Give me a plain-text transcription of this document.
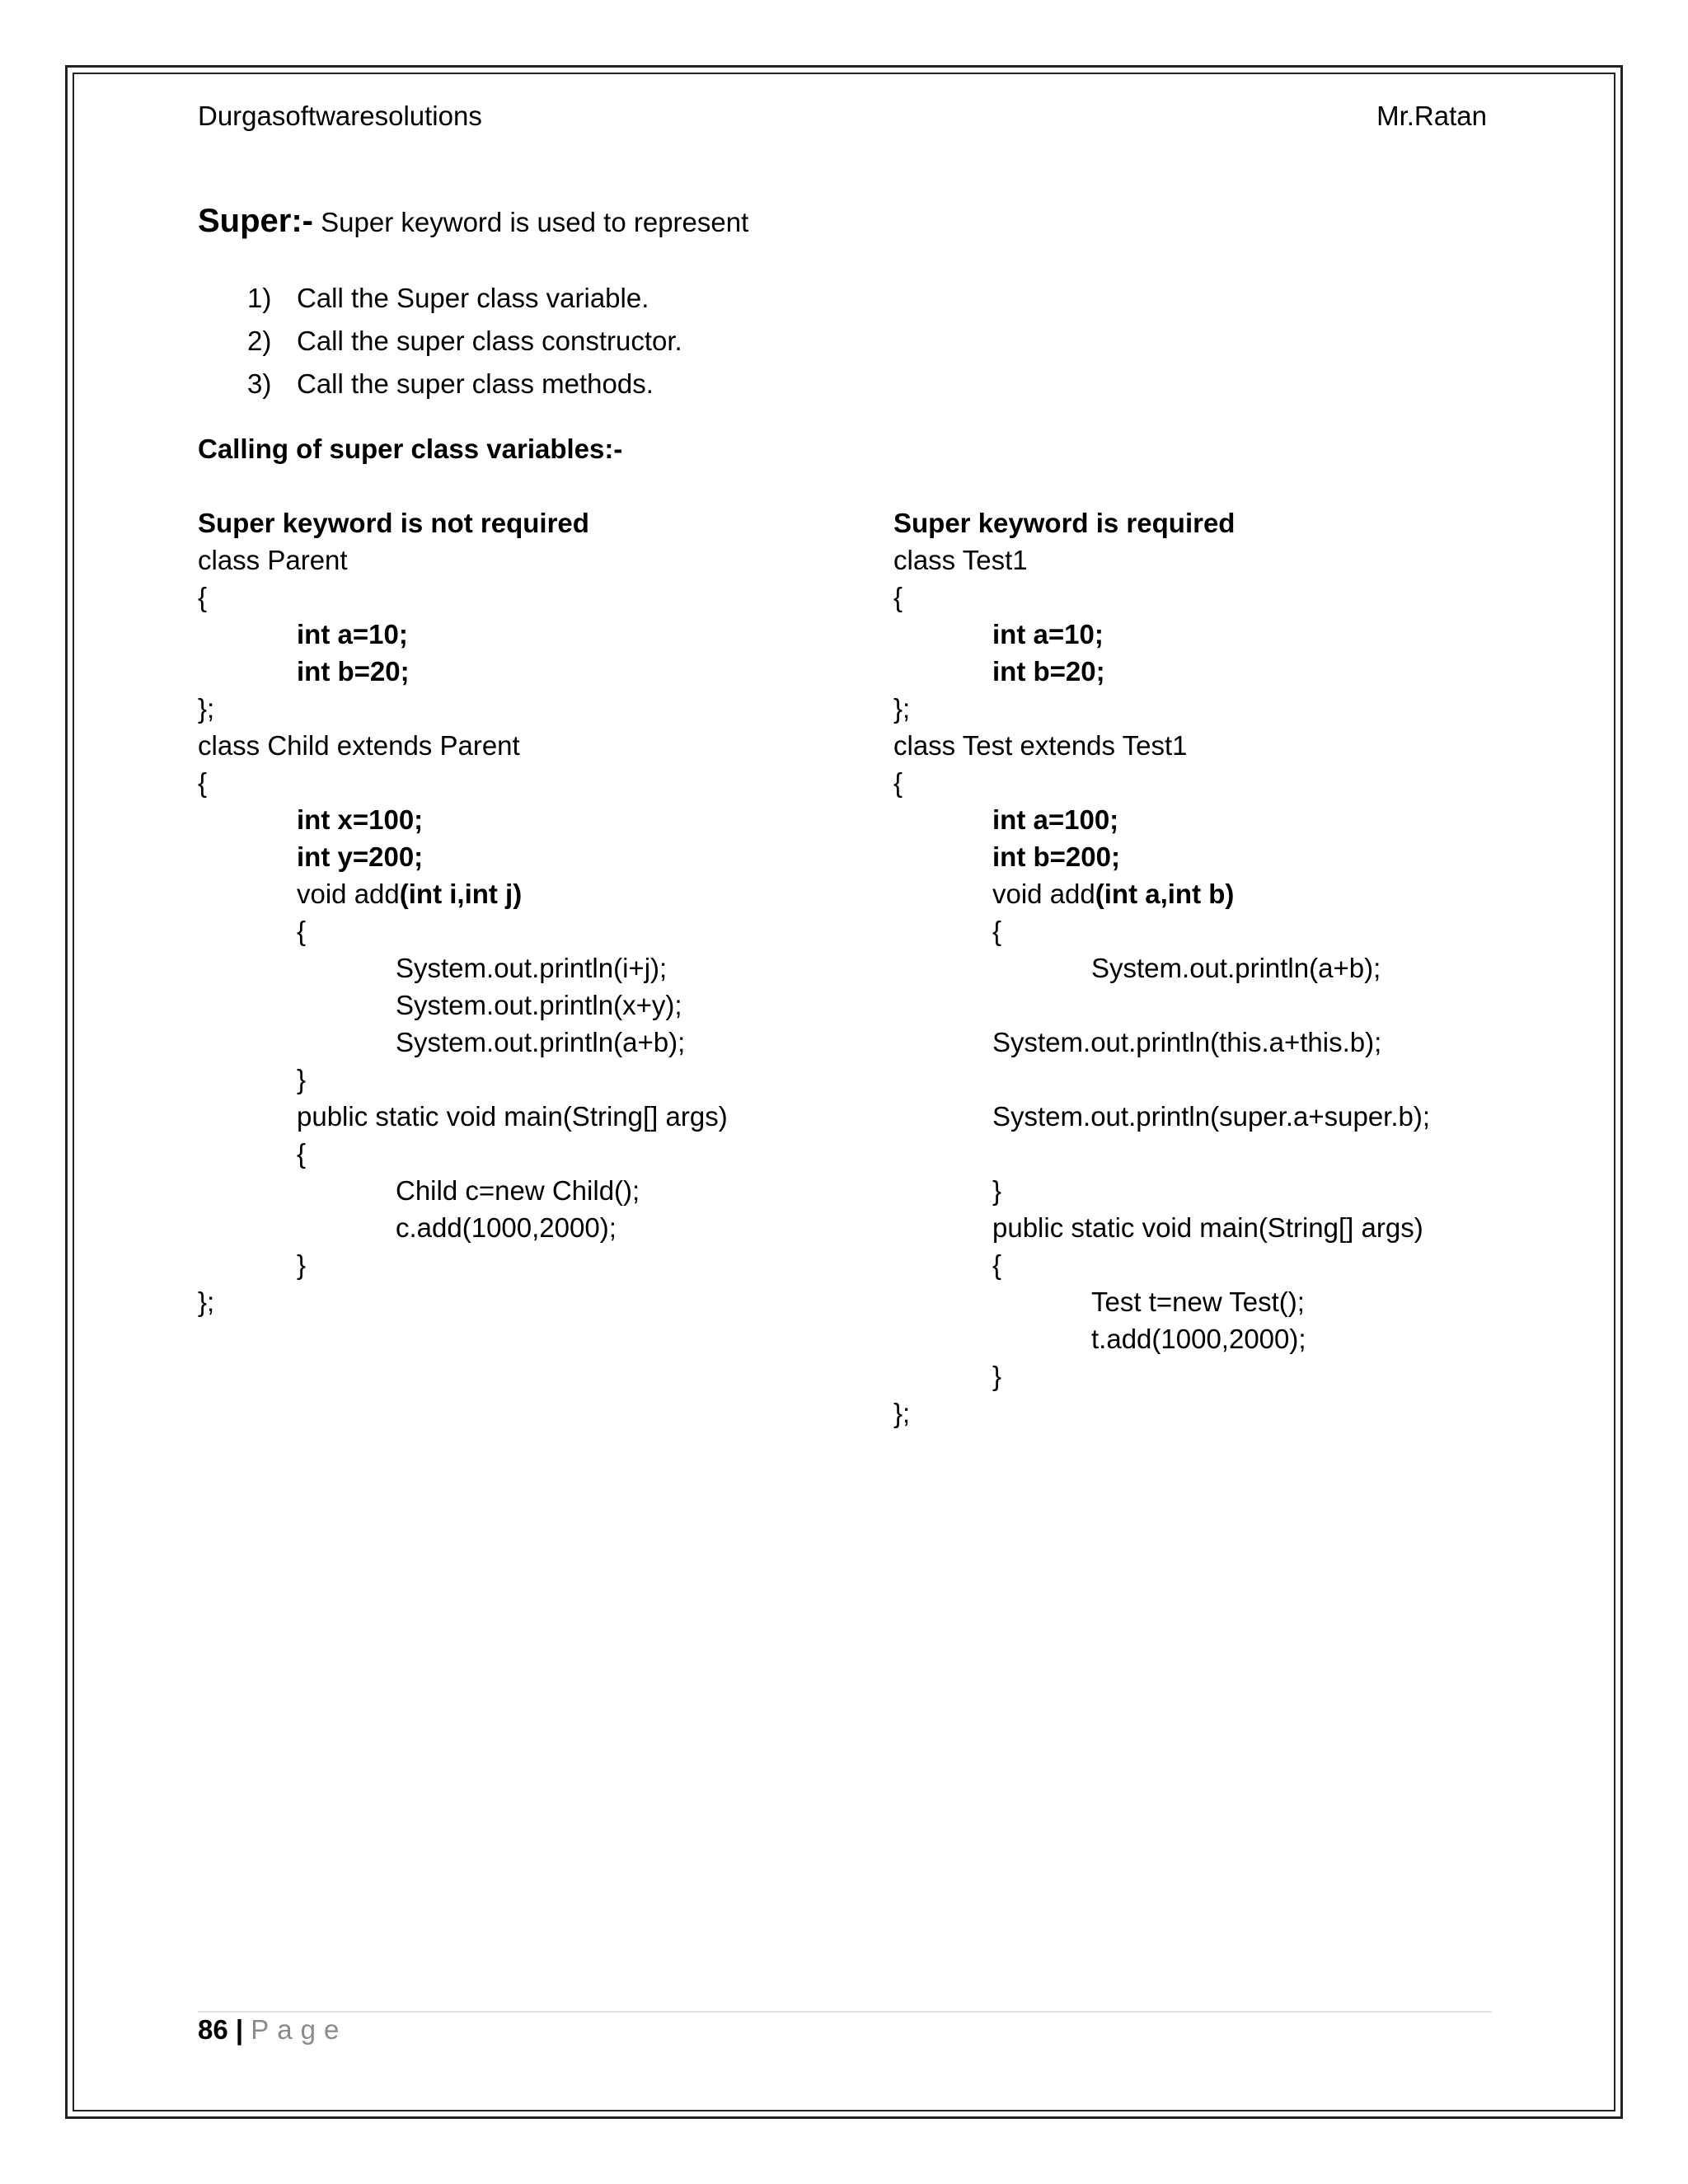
Durgasoftwaresolutions	Mr.Ratan
Super:- Super keyword is used to represent
1) Call the Super class variable.
2) Call the super class constructor.
3) Call the super class methods.
Calling of super class variables:-
Super keyword is not required
class Parent
{
int a=10;
int b=20;
};
class Child extends Parent
{
int x=100;
int y=200;
void add(int i,int j)
{
System.out.println(i+j);
System.out.println(x+y);
System.out.println(a+b);
}
public static void main(String[] args)
{
Child c=new Child();
c.add(1000,2000);
}
};
Super keyword is required
class Test1
{
int a=10;
int b=20;
};
class Test extends Test1
{
int a=100;
int b=200;
void add(int a,int b)
{
System.out.println(a+b);
System.out.println(this.a+this.b);
System.out.println(super.a+super.b);
}
public static void main(String[] args)
{
Test t=new Test();
t.add(1000,2000);
}
};
86 | Page
